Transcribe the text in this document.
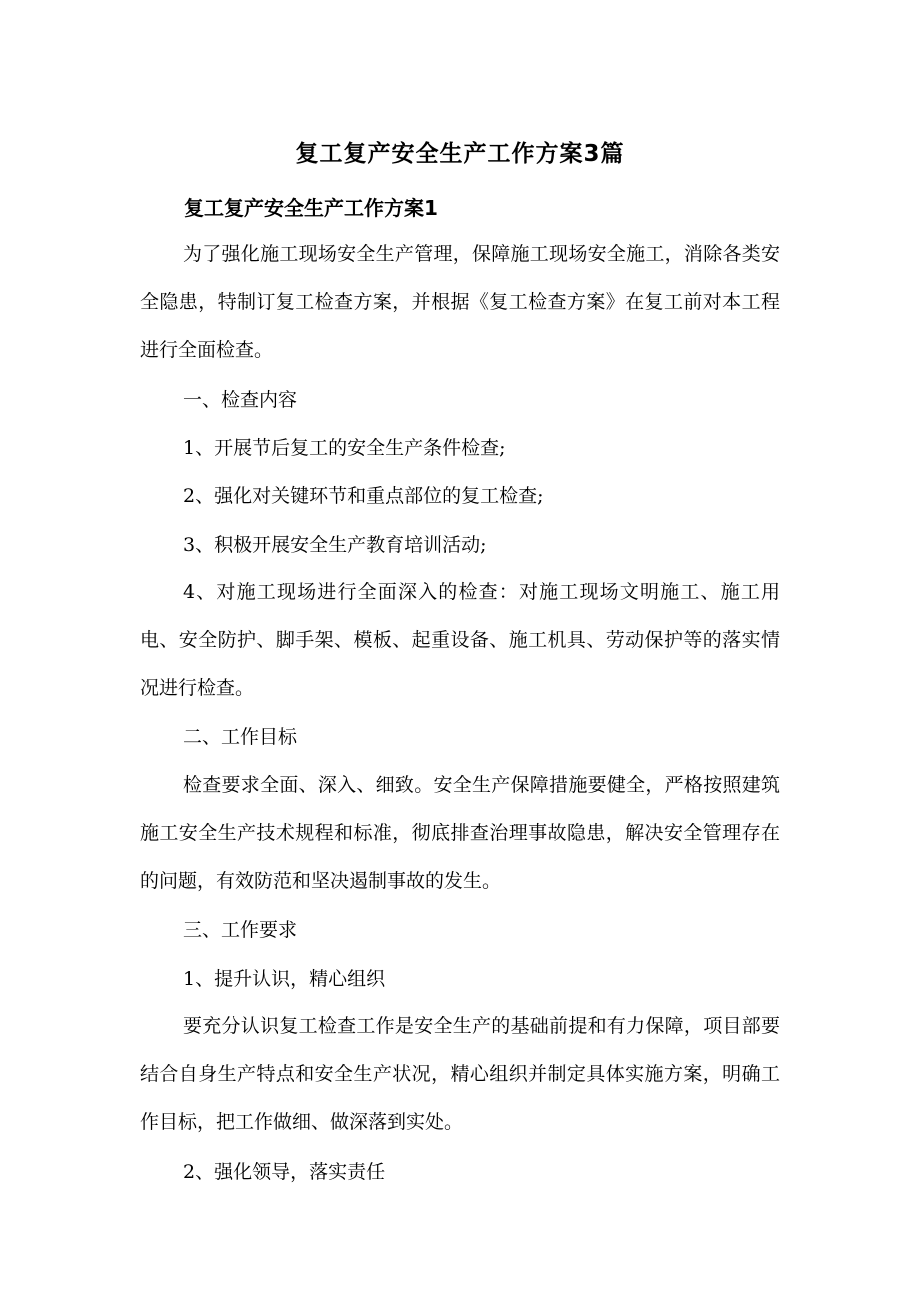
复工复产安全生产工作方案3篇
复工复产安全生产工作方案1

为了强化施工现场安全生产管理，保障施工现场安全施工，消除各类安全隐患，特制订复工检查方案，并根据《复工检查方案》在复工前对本工程进行全面检查。

一、检查内容
1、开展节后复工的安全生产条件检查;
2、强化对关键环节和重点部位的复工检查;
3、积极开展安全生产教育培训活动;

4、对施工现场进行全面深入的检查：对施工现场文明施工、施工用电、安全防护、脚手架、模板、起重设备、施工机具、劳动保护等的落实情况进行检查。

二、工作目标

检查要求全面、深入、细致。安全生产保障措施要健全，严格按照建筑施工安全生产技术规程和标准，彻底排查治理事故隐患，解决安全管理存在的问题，有效防范和坚决遏制事故的发生。

三、工作要求
1、提升认识，精心组织

要充分认识复工检查工作是安全生产的基础前提和有力保障，项目部要结合自身生产特点和安全生产状况，精心组织并制定具体实施方案，明确工作目标，把工作做细、做深落到实处。

2、强化领导，落实责任
